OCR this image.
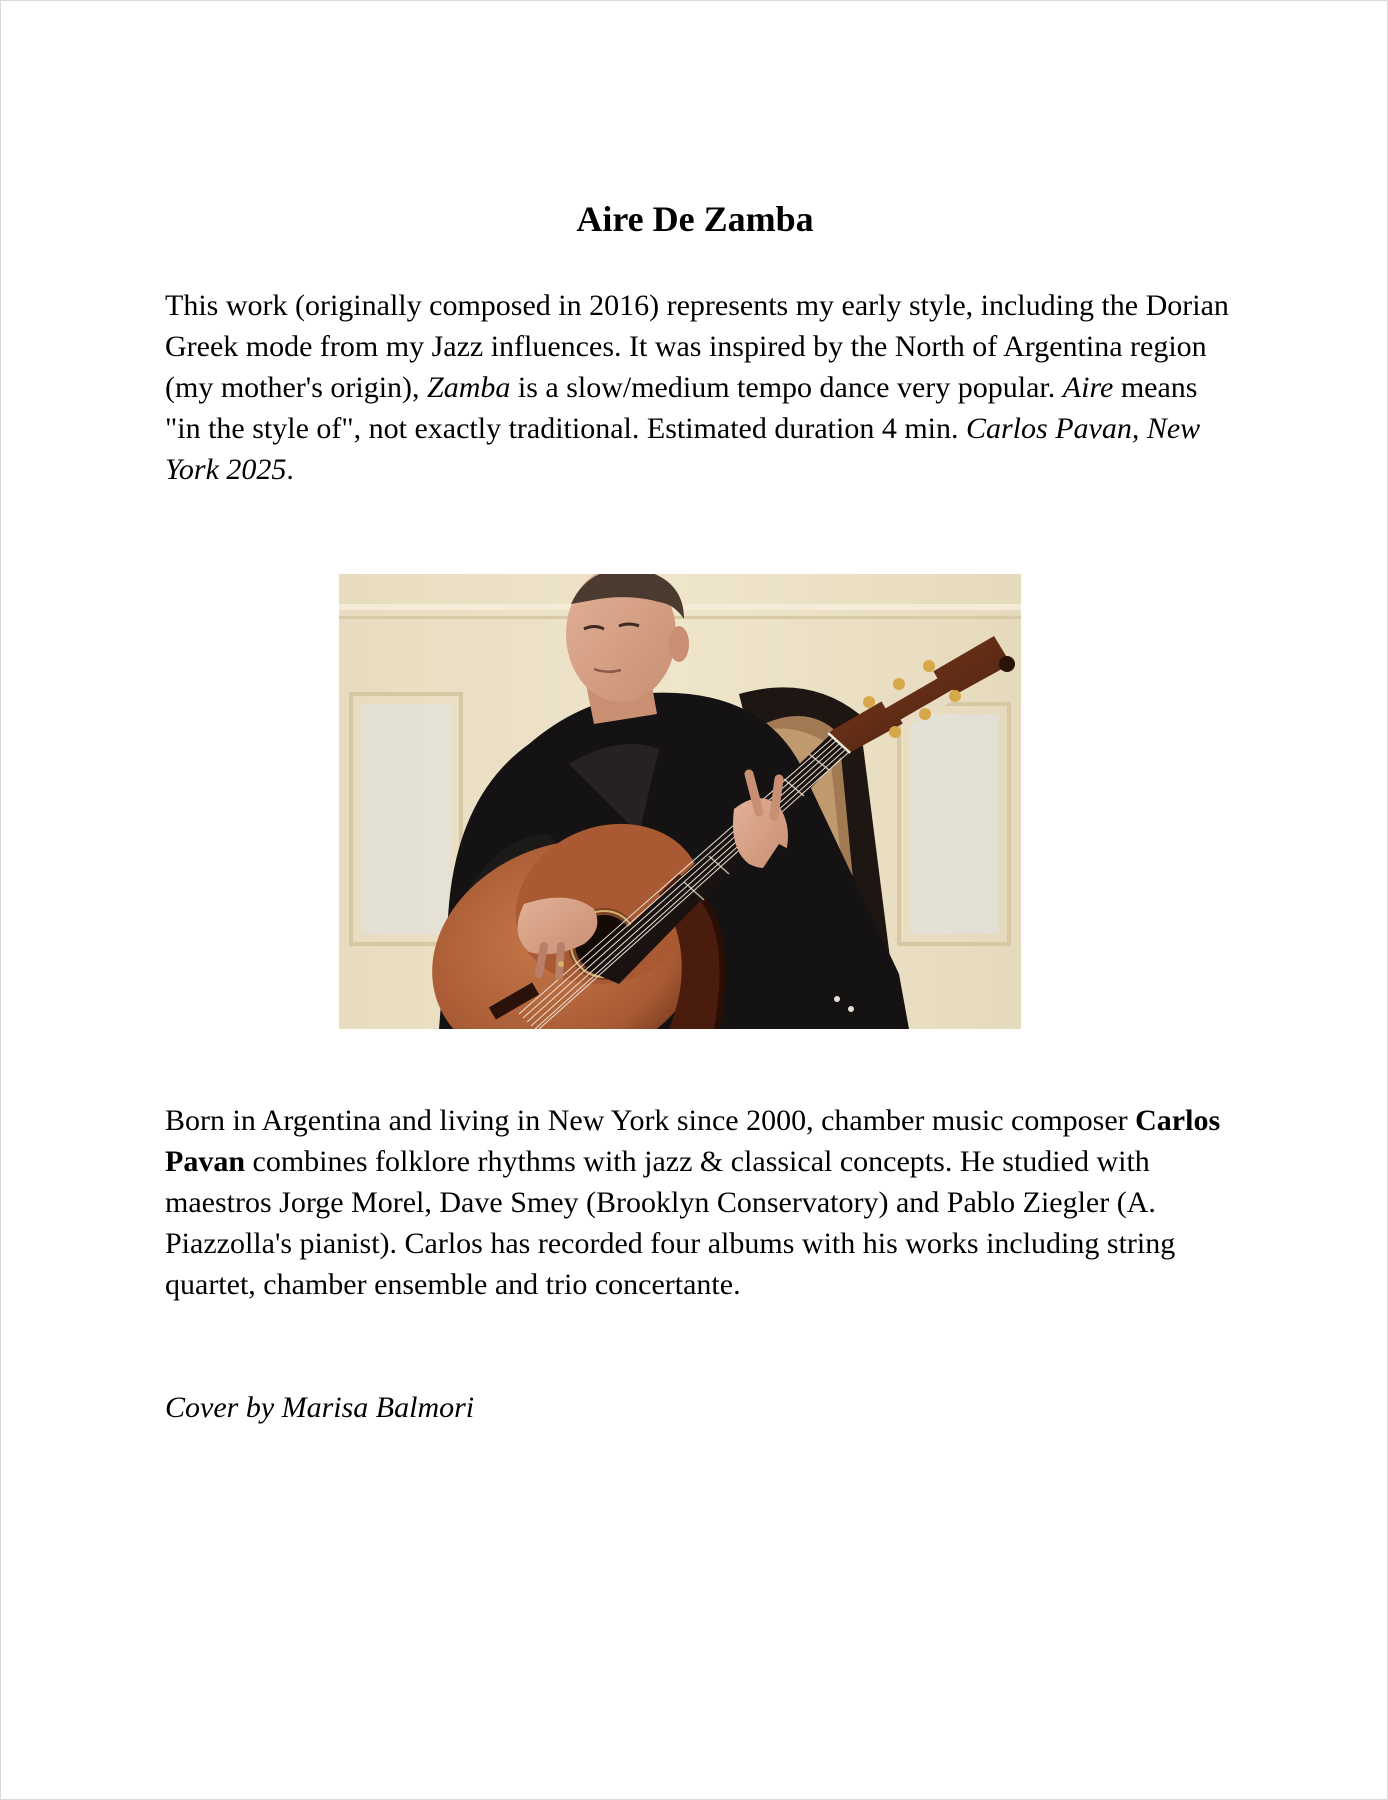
Aire De Zamba

This work (originally composed in 2016) represents my early style, including the Dorian Greek mode from my Jazz influences. It was inspired by the North of Argentina region (my mother's origin), Zamba is a slow/medium tempo dance very popular. Aire means "in the style of", not exactly traditional. Estimated duration 4 min. Carlos Pavan, New York 2025.

Born in Argentina and living in New York since 2000, chamber music composer Carlos Pavan combines folklore rhythms with jazz & classical concepts. He studied with maestros Jorge Morel, Dave Smey (Brooklyn Conservatory) and Pablo Ziegler (A. Piazzolla's pianist). Carlos has recorded four albums with his works including string quartet, chamber ensemble and trio concertante.

Cover by Marisa Balmori
